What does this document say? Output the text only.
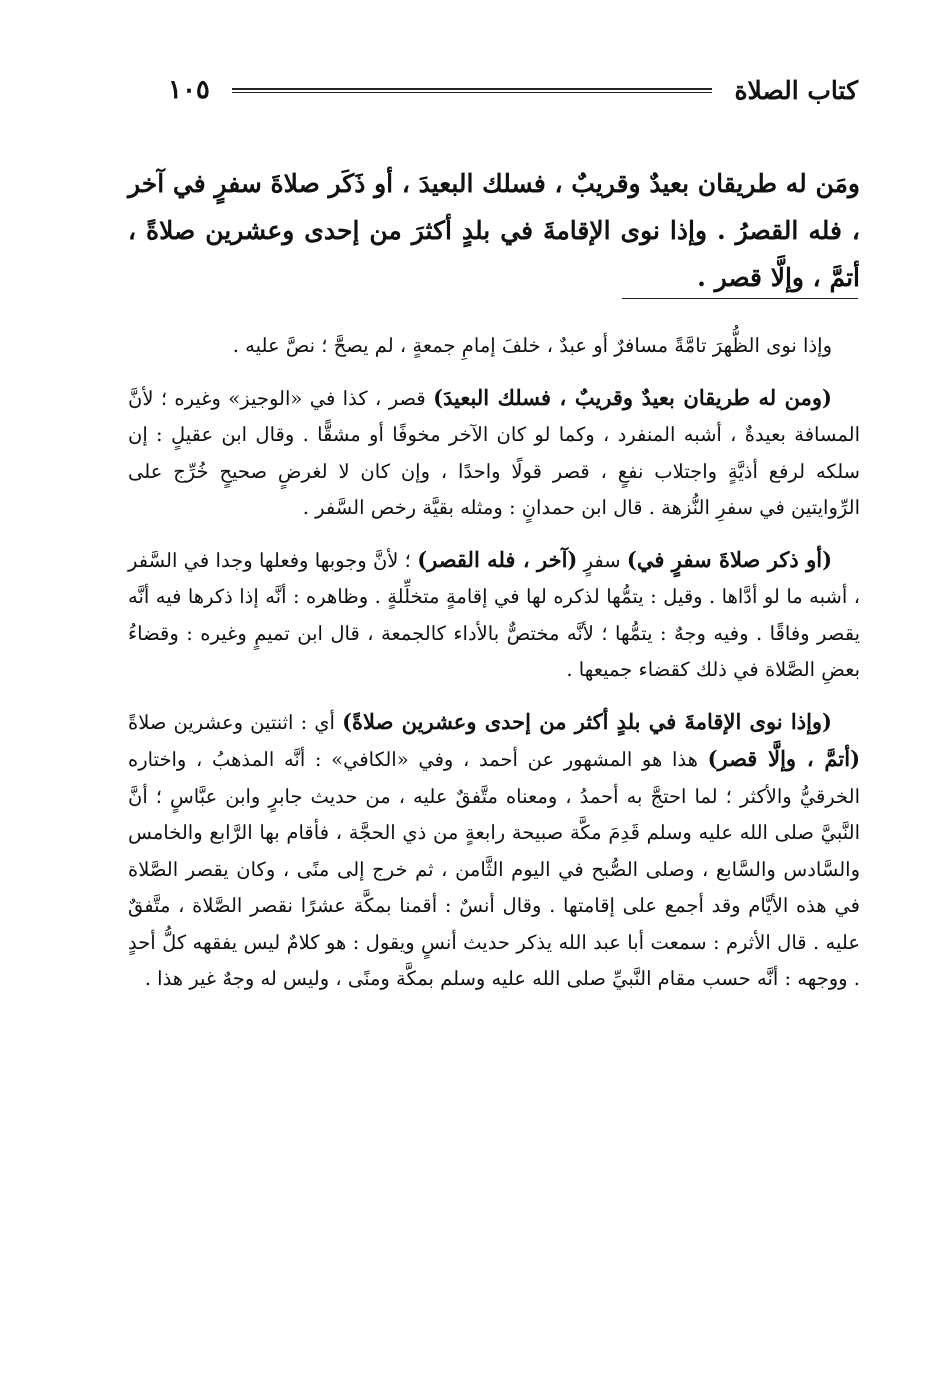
كتاب الصلاة
١٠٥
ومَن له طريقان بعيدٌ وقريبٌ ، فسلك البعيدَ ، أو ذَكَر صلاةَ سفرٍ في آخر ، فله القصرُ . وإذا نوى الإقامةَ في بلدٍ أكثرَ من إحدى وعشرين صلاةً ، أتمَّ ، وإلَّا قصر .

وإذا نوى الظُّهرَ تامَّةً مسافرٌ أو عبدٌ ، خلفَ إمامِ جمعةٍ ، لم يصحَّ ؛ نصَّ عليه .

(ومن له طريقان بعيدٌ وقريبٌ ، فسلك البعيدَ) قصر ، كذا في «الوجيز» وغيره ؛ لأنَّ المسافة بعيدةٌ ، أشبه المنفرد ، وكما لو كان الآخر مخوفًا أو مشقًّا . وقال ابن عقيلٍ : إن سلكه لرفع أذيَّةٍ واجتلاب نفعٍ ، قصر قولًا واحدًا ، وإن كان لا لغرضٍ صحيحٍ خُرِّج على الرِّوايتين في سفرِ النُّزهة . قال ابن حمدانٍ : ومثله بقيَّة رخص السَّفر .

(أو ذكر صلاةَ سفرٍ في) سفرٍ (آخر ، فله القصر) ؛ لأنَّ وجوبها وفعلها وجدا في السَّفر ، أشبه ما لو أدَّاها . وقيل : يتمُّها لذكره لها في إقامةٍ متخلِّلةٍ . وظاهره : أنَّه إذا ذكرها فيه أنَّه يقصر وفاقًا . وفيه وجهٌ : يتمُّها ؛ لأنَّه مختصٌّ بالأداء كالجمعة ، قال ابن تميمٍ وغيره : وقضاءُ بعضِ الصَّلاة في ذلك كقضاء جميعها .

(وإذا نوى الإقامةَ في بلدٍ أكثر من إحدى وعشرين صلاةً) أي : اثنتين وعشرين صلاةً (أتمَّ ، وإلَّا قصر) هذا هو المشهور عن أحمد ، وفي «الكافي» : أنَّه المذهبُ ، واختاره الخرقيُّ والأكثر ؛ لما احتجَّ به أحمدُ ، ومعناه متَّفقٌ عليه ، من حديث جابرٍ وابن عبَّاسٍ ؛ أنَّ النَّبيَّ صلى الله عليه وسلم قَدِمَ مكَّة صبيحة رابعةٍ من ذي الحجَّة ، فأقام بها الرَّابع والخامس والسَّادس والسَّابع ، وصلى الصُّبح في اليوم الثَّامن ، ثم خرج إلى منًى ، وكان يقصر الصَّلاة في هذه الأيَّام وقد أجمع على إقامتها . وقال أنسٌ : أقمنا بمكَّة عشرًا نقصر الصَّلاة ، متَّفقٌ عليه . قال الأثرم : سمعت أبا عبد الله يذكر حديث أنسٍ ويقول : هو كلامٌ ليس يفقهه كلُّ أحدٍ . ووجهه : أنَّه حسب مقام النَّبيِّ صلى الله عليه وسلم بمكَّة ومنًى ، وليس له وجهٌ غير هذا .
